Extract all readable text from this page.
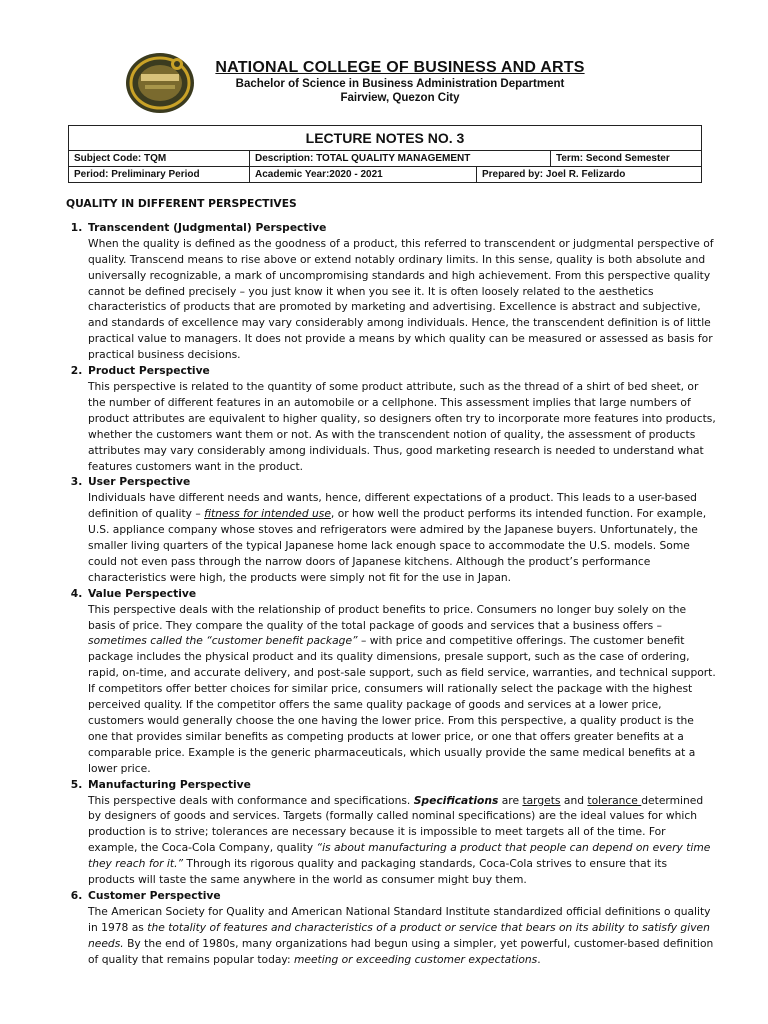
NATIONAL COLLEGE OF BUSINESS AND ARTS
Bachelor of Science in Business Administration Department
Fairview, Quezon City
LECTURE NOTES NO. 3			
Subject Code: TQM	Description: TOTAL QUALITY MANAGEMENT		Term: Second Semester
Period: Preliminary Period	Academic Year:2020 - 2021	Prepared by: Joel R. Felizardo	
QUALITY IN DIFFERENT PERSPECTIVES
1. Transcendent (Judgmental) Perspective

When the quality is defined as the goodness of a product, this referred to transcendent or judgmental perspective of quality. Transcend means to rise above or extend notably ordinary limits. In this sense, quality is both absolute and universally recognizable, a mark of uncompromising standards and high achievement. From this perspective quality cannot be defined precisely – you just know it when you see it. It is often loosely related to the aesthetics characteristics of products that are promoted by marketing and advertising. Excellence is abstract and subjective, and standards of excellence may vary considerably among individuals. Hence, the transcendent definition is of little practical value to managers. It does not provide a means by which quality can be measured or assessed as basis for practical business decisions.

2. Product Perspective

This perspective is related to the quantity of some product attribute, such as the thread of a shirt of bed sheet, or the number of different features in an automobile or a cellphone. This assessment implies that large numbers of product attributes are equivalent to higher quality, so designers often try to incorporate more features into products, whether the customers want them or not. As with the transcendent notion of quality, the assessment of products attributes may vary considerably among individuals. Thus, good marketing research is needed to understand what features customers want in the product.

3. User Perspective

Individuals have different needs and wants, hence, different expectations of a product. This leads to a user-based definition of quality – fitness for intended use, or how well the product performs its intended function. For example, U.S. appliance company whose stoves and refrigerators were admired by the Japanese buyers. Unfortunately, the smaller living quarters of the typical Japanese home lack enough space to accommodate the U.S. models. Some could not even pass through the narrow doors of Japanese kitchens. Although the product’s performance characteristics were high, the products were simply not fit for the use in Japan.

4. Value Perspective

This perspective deals with the relationship of product benefits to price. Consumers no longer buy solely on the basis of price. They compare the quality of the total package of goods and services that a business offers – sometimes called the “customer benefit package” – with price and competitive offerings. The customer benefit package includes the physical product and its quality dimensions, presale support, such as the case of ordering, rapid, on-time, and accurate delivery, and post-sale support, such as field service, warranties, and technical support. If competitors offer better choices for similar price, consumers will rationally select the package with the highest perceived quality. If the competitor offers the same quality package of goods and services at a lower price, customers would generally choose the one having the lower price. From this perspective, a quality product is the one that provides similar benefits as competing products at lower price, or one that offers greater benefits at a comparable price. Example is the generic pharmaceuticals, which usually provide the same medical benefits at a lower price.

5. Manufacturing Perspective

This perspective deals with conformance and specifications. Specifications are targets and tolerance determined by designers of goods and services. Targets (formally called nominal specifications) are the ideal values for which production is to strive; tolerances are necessary because it is impossible to meet targets all of the time. For example, the Coca-Cola Company, quality “is about manufacturing a product that people can depend on every time they reach for it.” Through its rigorous quality and packaging standards, Coca-Cola strives to ensure that its products will taste the same anywhere in the world as consumer might buy them.

6. Customer Perspective

The American Society for Quality and American National Standard Institute standardized official definitions o quality in 1978 as the totality of features and characteristics of a product or service that bears on its ability to satisfy given needs. By the end of 1980s, many organizations had begun using a simpler, yet powerful, customer-based definition of quality that remains popular today: meeting or exceeding customer expectations.
